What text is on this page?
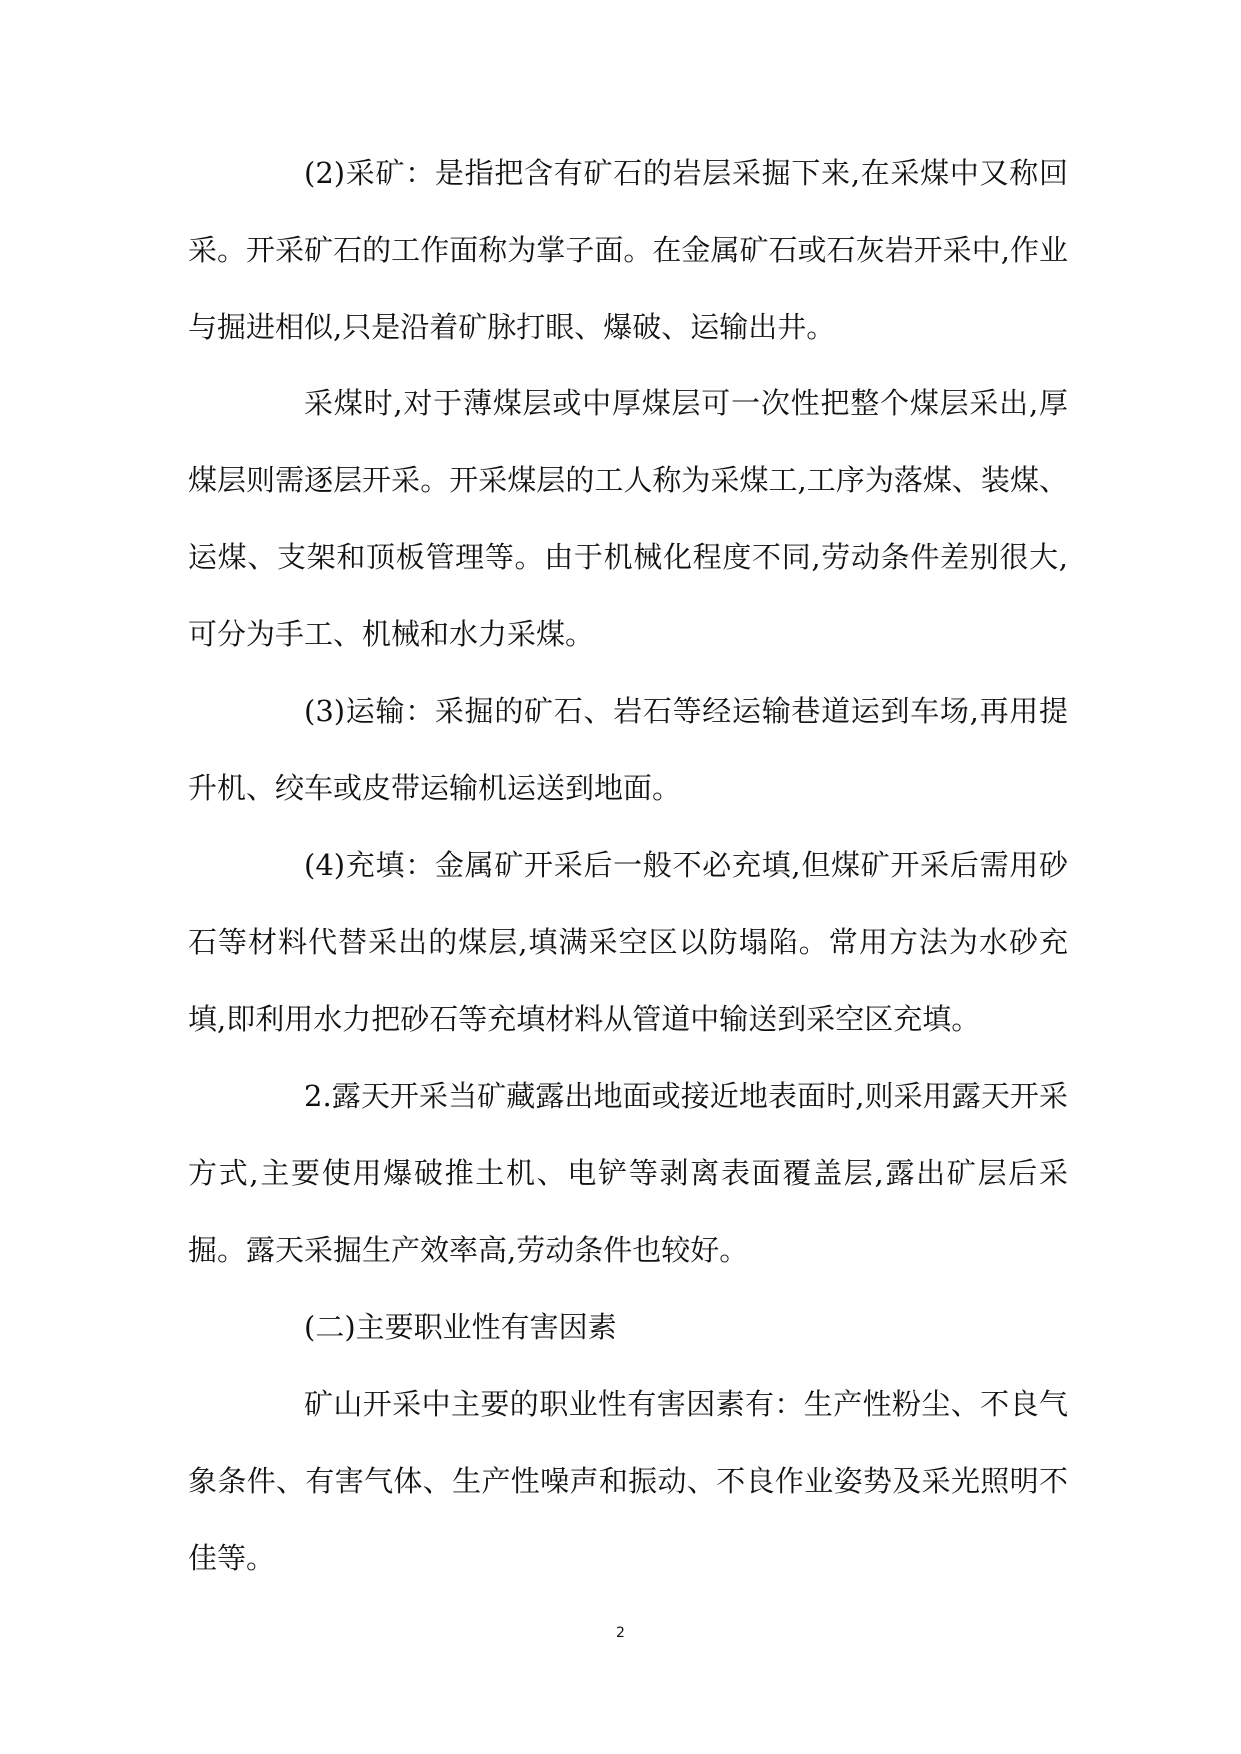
(2)采矿：是指把含有矿石的岩层采掘下来,在采煤中又称回采。开采矿石的工作面称为掌子面。在金属矿石或石灰岩开采中,作业与掘进相似,只是沿着矿脉打眼、爆破、运输出井。

采煤时,对于薄煤层或中厚煤层可一次性把整个煤层采出,厚煤层则需逐层开采。开采煤层的工人称为采煤工,工序为落煤、装煤、运煤、支架和顶板管理等。由于机械化程度不同,劳动条件差别很大,可分为手工、机械和水力采煤。

(3)运输：采掘的矿石、岩石等经运输巷道运到车场,再用提升机、绞车或皮带运输机运送到地面。

(4)充填：金属矿开采后一般不必充填,但煤矿开采后需用砂石等材料代替采出的煤层,填满采空区以防塌陷。常用方法为水砂充填,即利用水力把砂石等充填材料从管道中输送到采空区充填。

2.露天开采当矿藏露出地面或接近地表面时,则采用露天开采方式,主要使用爆破推土机、电铲等剥离表面覆盖层,露出矿层后采掘。露天采掘生产效率高,劳动条件也较好。

(二)主要职业性有害因素

矿山开采中主要的职业性有害因素有：生产性粉尘、不良气象条件、有害气体、生产性噪声和振动、不良作业姿势及采光照明不佳等。

2
